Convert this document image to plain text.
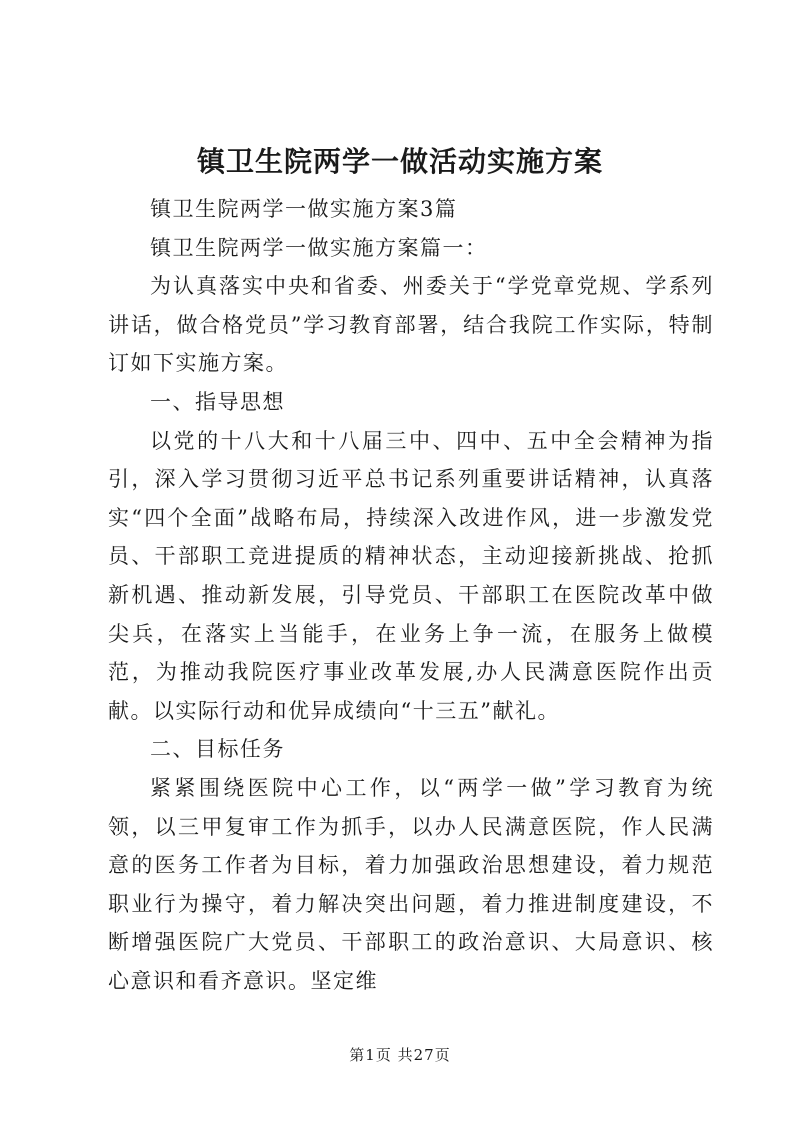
镇卫生院两学一做活动实施方案

镇卫生院两学一做实施方案3篇

镇卫生院两学一做实施方案篇一：

为认真落实中央和省委、州委关于“学党章党规、学系列讲话，做合格党员”学习教育部署，结合我院工作实际，特制订如下实施方案。

一、指导思想

以党的十八大和十八届三中、四中、五中全会精神为指引，深入学习贯彻习近平总书记系列重要讲话精神，认真落实“四个全面”战略布局，持续深入改进作风，进一步激发党员、干部职工竞进提质的精神状态，主动迎接新挑战、抢抓新机遇、推动新发展，引导党员、干部职工在医院改革中做尖兵，在落实上当能手，在业务上争一流，在服务上做模范，为推动我院医疗事业改革发展,办人民满意医院作出贡献。以实际行动和优异成绩向“十三五”献礼。

二、目标任务

紧紧围绕医院中心工作，以“两学一做”学习教育为统领，以三甲复审工作为抓手，以办人民满意医院，作人民满意的医务工作者为目标，着力加强政治思想建设，着力规范职业行为操守，着力解决突出问题，着力推进制度建设，不断增强医院广大党员、干部职工的政治意识、大局意识、核心意识和看齐意识。坚定维

第1页 共27页
